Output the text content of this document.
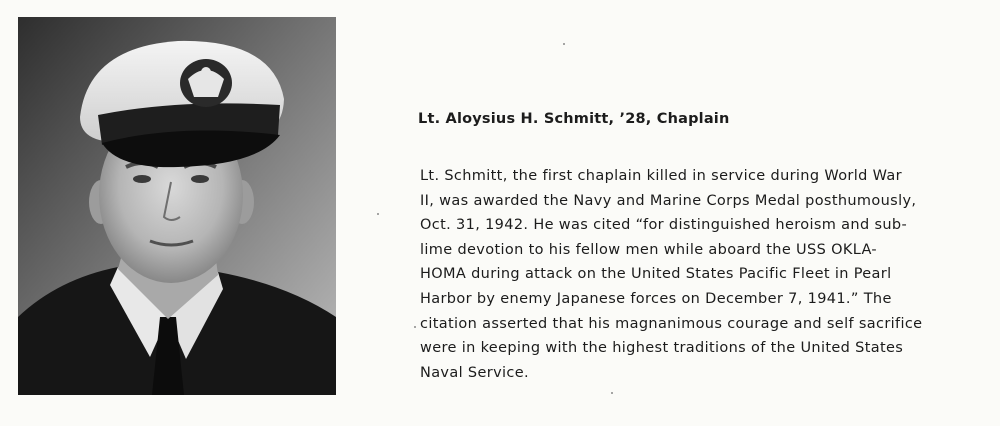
Lt. Aloysius H. Schmitt, ’28, Chaplain

Lt. Schmitt, the first chaplain killed in service during World War
II, was awarded the Navy and Marine Corps Medal posthumously,
Oct. 31, 1942. He was cited “for distinguished heroism and sub-
lime devotion to his fellow men while aboard the USS OKLA-
HOMA during attack on the United States Pacific Fleet in Pearl
Harbor by enemy Japanese forces on December 7, 1941.” The
citation asserted that his magnanimous courage and self sacrifice
were in keeping with the highest traditions of the United States
Naval Service.
